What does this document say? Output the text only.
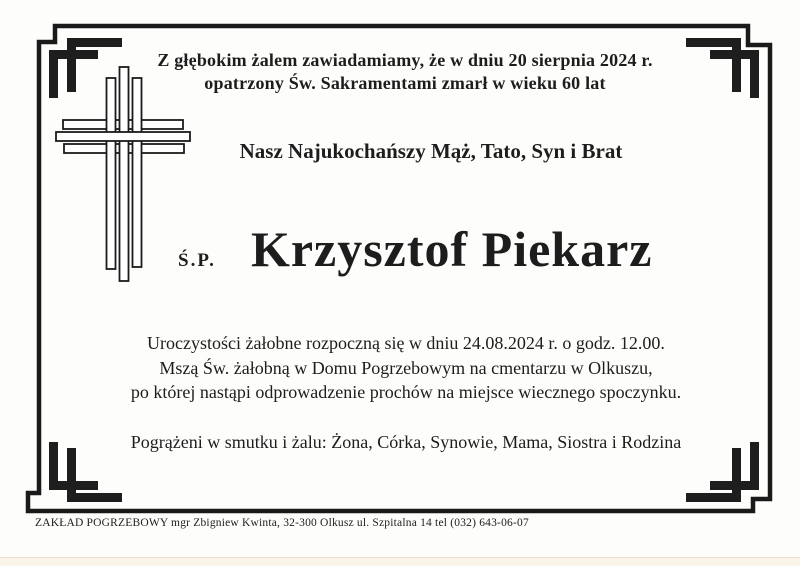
Z głębokim żalem zawiadamiamy, że w dniu 20 sierpnia 2024 r.
opatrzony Św. Sakramentami zmarł w wieku 60 lat
Nasz Najukochańszy Mąż, Tato, Syn i Brat
Ś.P. Krzysztof Piekarz
Uroczystości żałobne rozpoczną się w dniu 24.08.2024 r. o godz. 12.00.
Mszą Św. żałobną w Domu Pogrzebowym na cmentarzu w Olkuszu,
po której nastąpi odprowadzenie prochów na miejsce wiecznego spoczynku.
Pogrążeni w smutku i żalu: Żona, Córka, Synowie, Mama, Siostra i Rodzina
ZAKŁAD POGRZEBOWY mgr Zbigniew Kwinta, 32-300 Olkusz ul. Szpitalna 14 tel (032) 643-06-07
